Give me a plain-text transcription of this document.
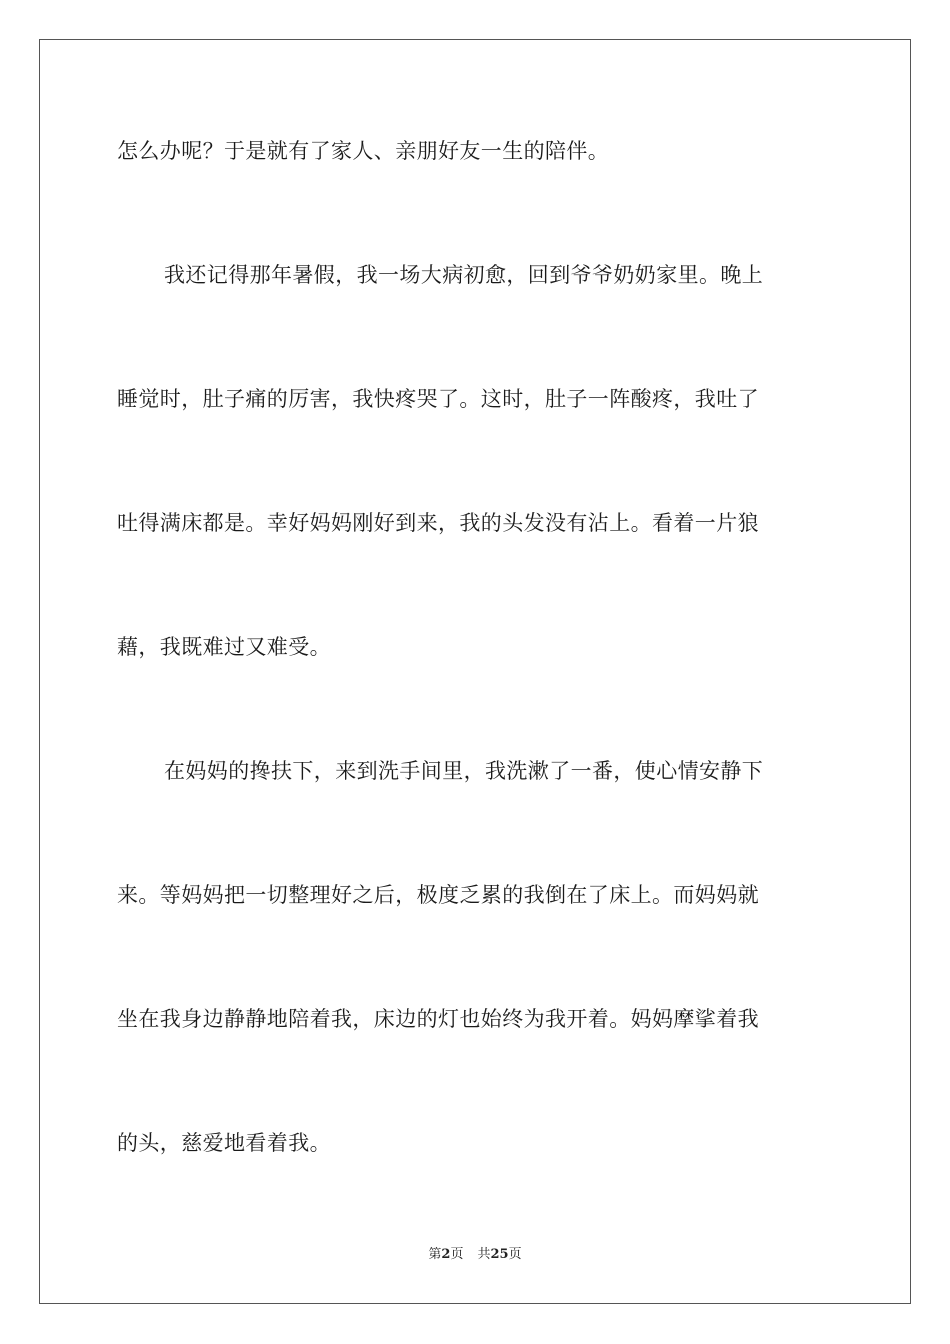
怎么办呢？于是就有了家人、亲朋好友一生的陪伴。
我还记得那年暑假，我一场大病初愈，回到爷爷奶奶家里。晚上
睡觉时，肚子痛的厉害，我快疼哭了。这时，肚子一阵酸疼，我吐了
吐得满床都是。幸好妈妈刚好到来，我的头发没有沾上。看着一片狼
藉，我既难过又难受。
在妈妈的搀扶下，来到洗手间里，我洗漱了一番，使心情安静下
来。等妈妈把一切整理好之后，极度乏累的我倒在了床上。而妈妈就
坐在我身边静静地陪着我，床边的灯也始终为我开着。妈妈摩挲着我
的头，慈爱地看着我。
第2页 共25页
